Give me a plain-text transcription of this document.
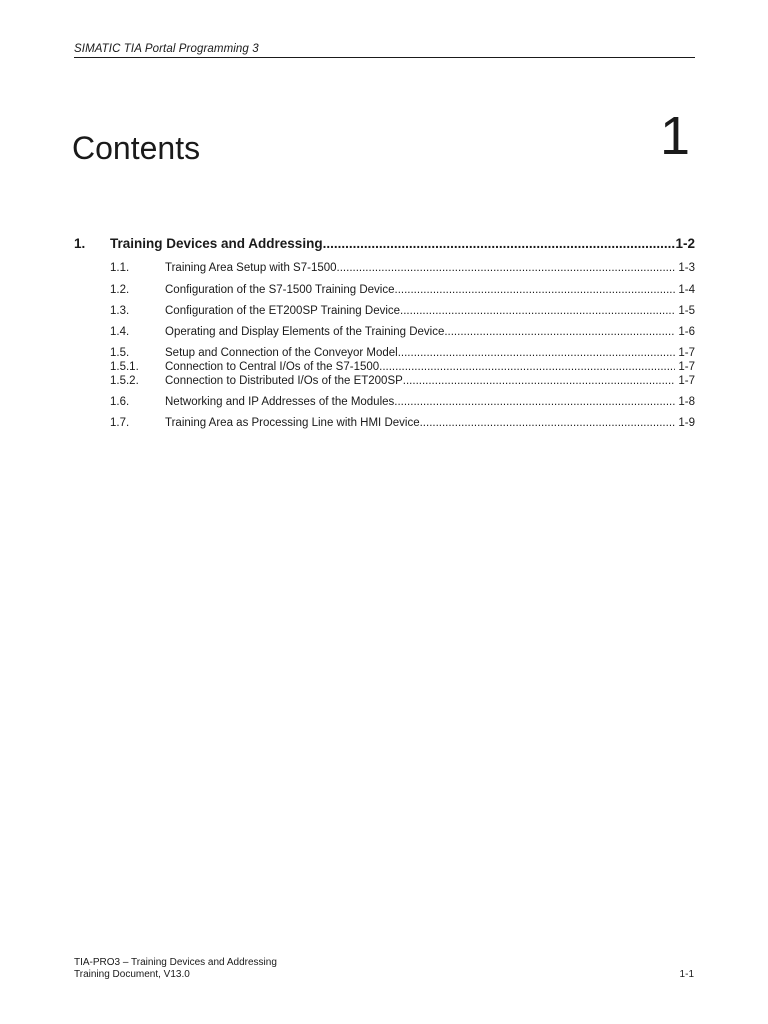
SIMATIC TIA Portal Programming 3
Contents	1
1.	Training Devices and Addressing .....	1-2
1.1.	Training Area Setup with S7-1500 .....	1-3
1.2.	Configuration of the S7-1500 Training Device .....	1-4
1.3.	Configuration of the ET200SP Training Device .....	1-5
1.4.	Operating and Display Elements of the Training Device .....	1-6
1.5.	Setup and Connection of the Conveyor Model .....	1-7
1.5.1.	Connection to Central I/Os of the S7-1500 .....	1-7
1.5.2.	Connection to Distributed I/Os of the ET200SP .....	1-7
1.6.	Networking and IP Addresses of the Modules .....	1-8
1.7.	Training Area as Processing Line with HMI Device .....	1-9
TIA-PRO3 – Training Devices and Addressing
Training Document, V13.0	1-1
